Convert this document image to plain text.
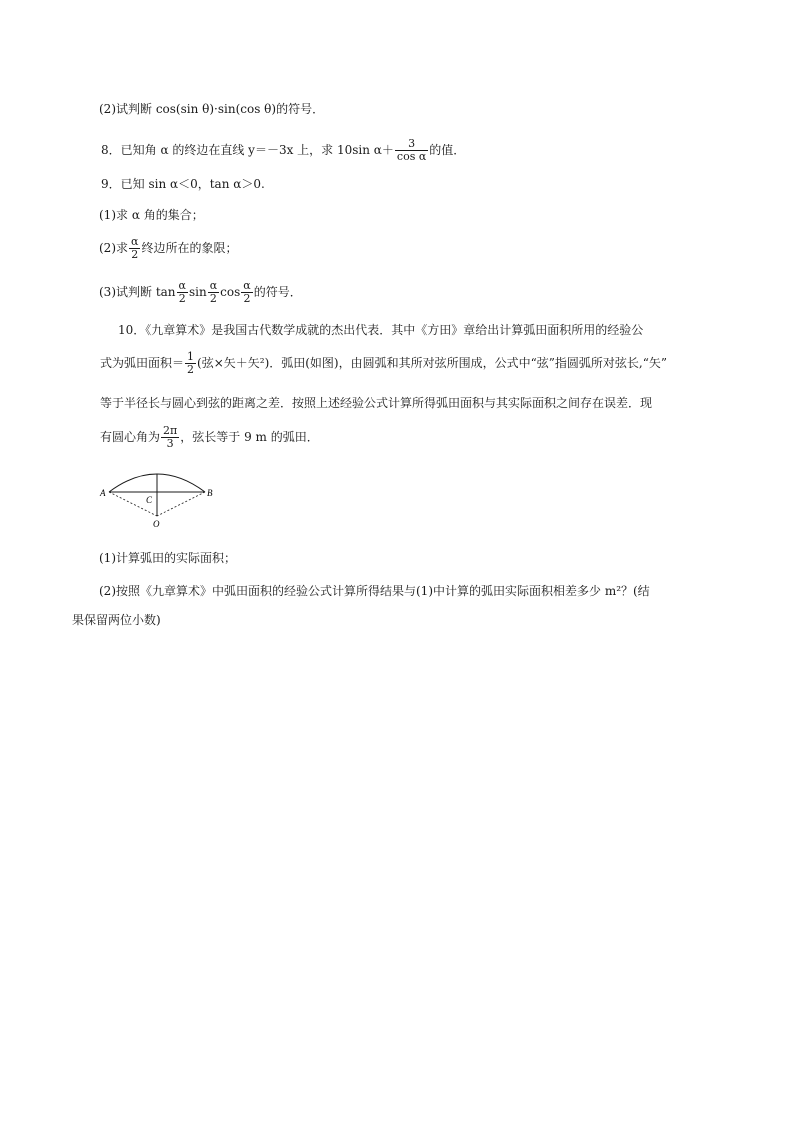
(2)试判断 cos(sin θ)·sin(cos θ)的符号．
8．已知角 α 的终边在直线 y＝－3x 上，求 10sin $\alpha+ \frac{3}{\text{cos α}}$ 的值．
9．已知 sin α＜0，tan α＞0.
(1)求 α 角的集合；
(2)求 $\frac{\alpha}{2}$ 终边所在的象限；
(3)试判断 $\tan \frac{\alpha}{2}$ $\sin \frac{\alpha}{2}$ $\cos \frac{\alpha}{2}$ 的符号．
10．《九章算术》是我国古代数学成就的杰出代表．其中《方田》章给出计算弧田面积所用的经验公
式为弧田面积＝ $\frac{1}{2}$ (弦×矢＋矢²)．弧田(如图)，由圆弧和其所对弦所围成，公式中“弦”指圆弧所对弦长,“矢”
等于半径长与圆心到弦的距离之差．按照上述经验公式计算所得弧田面积与其实际面积之间存在误差．现
有圆心角为 $\frac{2\pi}{3}$ ，弦长等于 9 m 的弧田．
A	B
C
O
(1)计算弧田的实际面积；
(2)按照《九章算术》中弧田面积的经验公式计算所得结果与(1)中计算的弧田实际面积相差多少 m²？(结
果保留两位小数)
